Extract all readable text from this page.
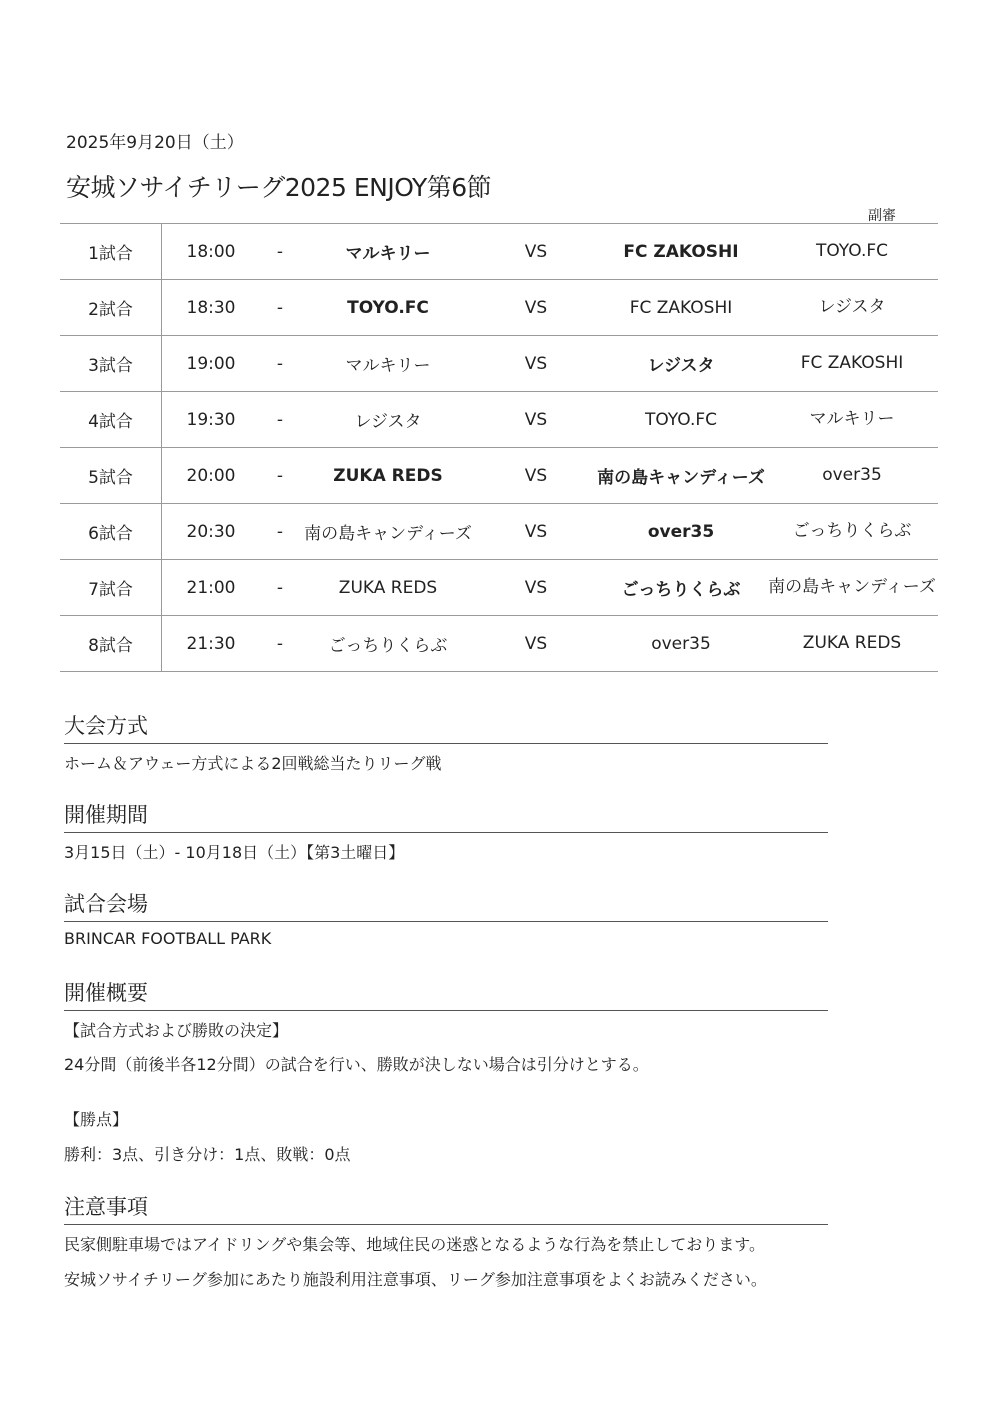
2025年9月20日（土）
安城ソサイチリーグ2025 ENJOY第6節
副審
1試合	18:00	-	マルキリー	VS	FC ZAKOSHI	TOYO.FC
2試合	18:30	-	TOYO.FC	VS	FC ZAKOSHI	レジスタ
3試合	19:00	-	マルキリー	VS	レジスタ	FC ZAKOSHI
4試合	19:30	-	レジスタ	VS	TOYO.FC	マルキリー
5試合	20:00	-	ZUKA REDS	VS	南の島キャンディーズ	over35
6試合	20:30	-	南の島キャンディーズ	VS	over35	ごっちりくらぶ
7試合	21:00	-	ZUKA REDS	VS	ごっちりくらぶ	南の島キャンディーズ
8試合	21:30	-	ごっちりくらぶ	VS	over35	ZUKA REDS
大会方式
ホーム＆アウェー方式による2回戦総当たりリーグ戦
開催期間
3月15日（土）- 10月18日（土）【第3土曜日】
試合会場
BRINCAR FOOTBALL PARK
開催概要
【試合方式および勝敗の決定】
24分間（前後半各12分間）の試合を行い、勝敗が決しない場合は引分けとする。
【勝点】
勝利：3点、引き分け：1点、敗戦：0点
注意事項
民家側駐車場ではアイドリングや集会等、地域住民の迷惑となるような行為を禁止しております。
安城ソサイチリーグ参加にあたり施設利用注意事項、リーグ参加注意事項をよくお読みください。
